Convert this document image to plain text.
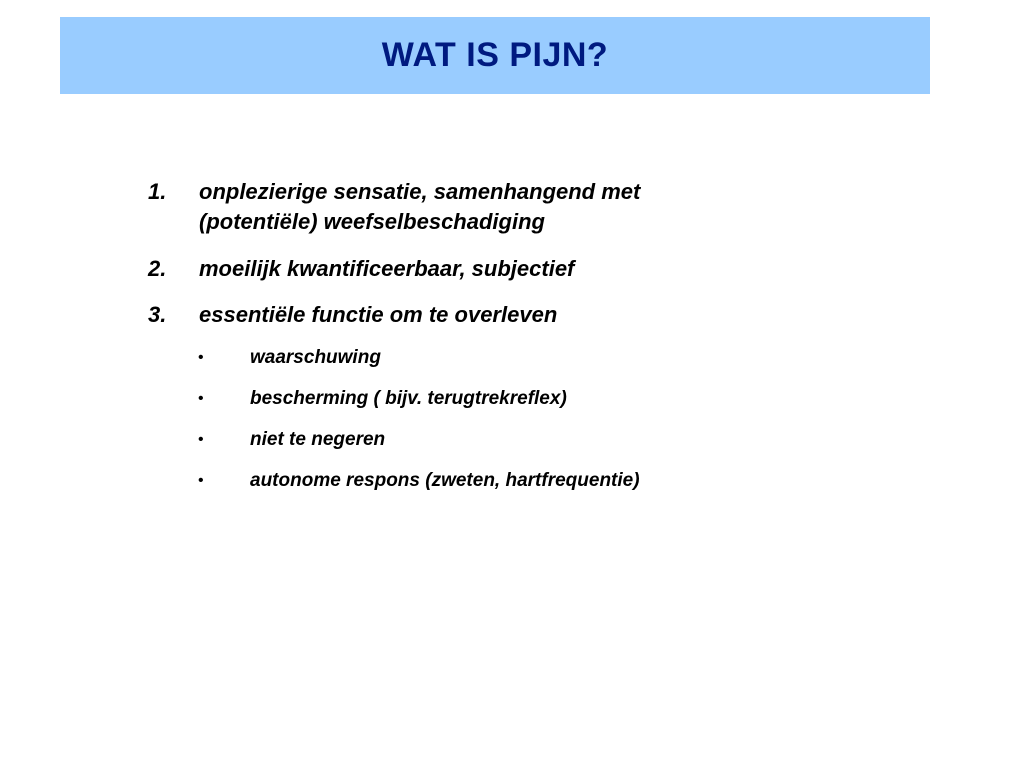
WAT IS PIJN?
1. onplezierige sensatie, samenhangend met
(potentiële) weefselbeschadiging
2. moeilijk kwantificeerbaar, subjectief
3. essentiële functie om te overleven
• waarschuwing
• bescherming ( bijv. terugtrekreflex)
• niet te negeren
• autonome respons (zweten, hartfrequentie)
